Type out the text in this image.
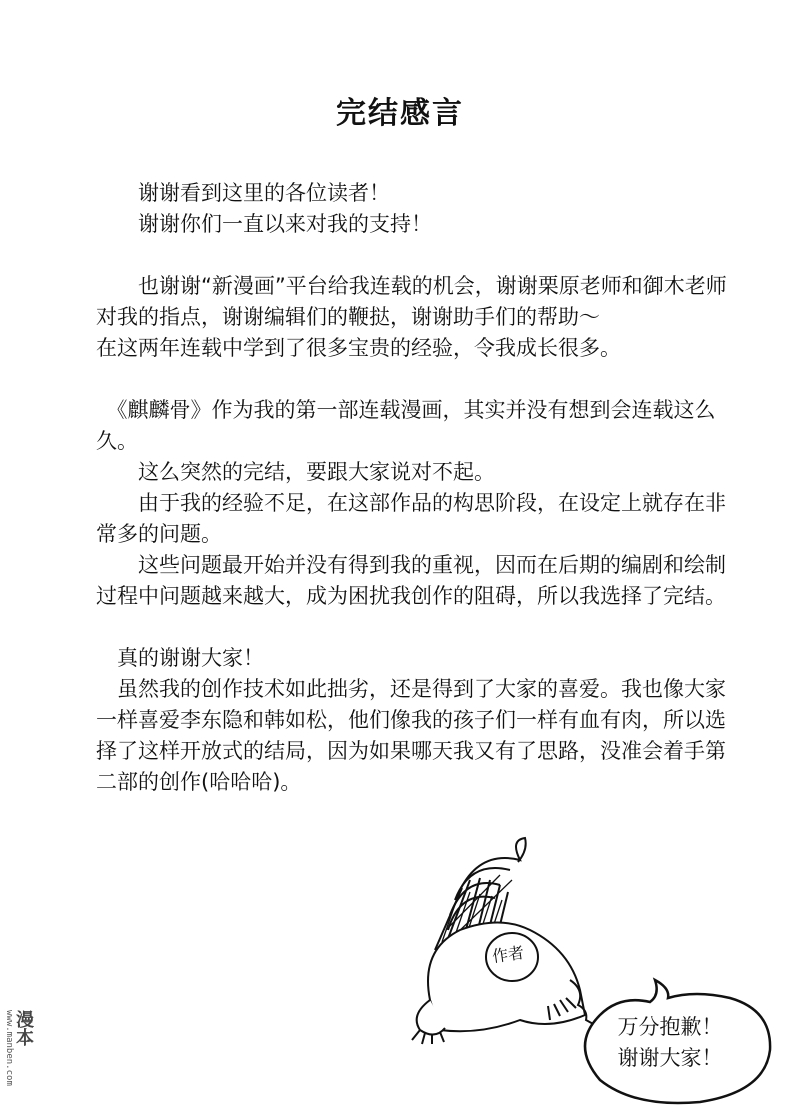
完结感言

　　谢谢看到这里的各位读者！

　　谢谢你们一直以来对我的支持！

　　也谢谢“新漫画”平台给我连载的机会，谢谢栗原老师和御木老师对我的指点，谢谢编辑们的鞭挞，谢谢助手们的帮助～

在这两年连载中学到了很多宝贵的经验，令我成长很多。

　《麒麟骨》作为我的第一部连载漫画，其实并没有想到会连载这么久。

　　这么突然的完结，要跟大家说对不起。

　　由于我的经验不足，在这部作品的构思阶段，在设定上就存在非常多的问题。

　　这些问题最开始并没有得到我的重视，因而在后期的编剧和绘制过程中问题越来越大，成为困扰我创作的阻碍，所以我选择了完结。

　真的谢谢大家！

　虽然我的创作技术如此拙劣，还是得到了大家的喜爱。我也像大家一样喜爱李东隐和韩如松，他们像我的孩子们一样有血有肉，所以选择了这样开放式的结局，因为如果哪天我又有了思路，没准会着手第二部的创作(哈哈哈)。

作者
万分抱歉！
谢谢大家！
www.manben.com 漫本
